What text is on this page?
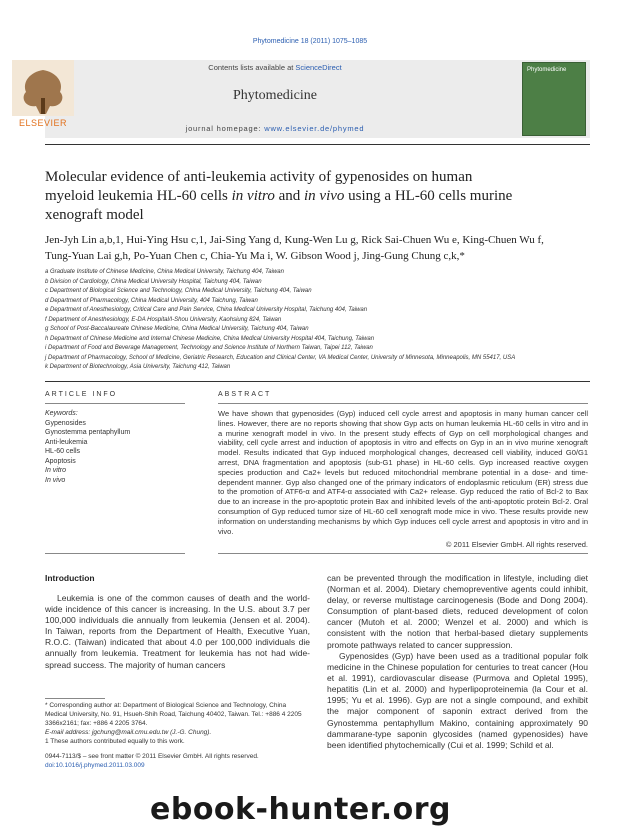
Phytomedicine 18 (2011) 1075–1085
ELSEVIER
Contents lists available at ScienceDirect
Phytomedicine
journal homepage: www.elsevier.de/phymed
Phytomedicine
Molecular evidence of anti-leukemia activity of gypenosides on human
myeloid leukemia HL-60 cells in vitro and in vivo using a HL-60 cells murine
xenograft model
Jen-Jyh Lin a,b,1, Hui-Ying Hsu c,1, Jai-Sing Yang d, Kung-Wen Lu g, Rick Sai-Chuen Wu e, King-Chuen Wu f,
Tung-Yuan Lai g,h, Po-Yuan Chen c, Chia-Yu Ma i, W. Gibson Wood j, Jing-Gung Chung c,k,*
a Graduate Institute of Chinese Medicine, China Medical University, Taichung 404, Taiwan
b Division of Cardiology, China Medical University Hospital, Taichung 404, Taiwan
c Department of Biological Science and Technology, China Medical University, Taichung 404, Taiwan
d Department of Pharmacology, China Medical University, 404 Taichung, Taiwan
e Department of Anesthesiology, Critical Care and Pain Service, China Medical University Hospital, Taichung 404, Taiwan
f Department of Anesthesiology, E-DA Hospital/I-Shou University, Kaohsiung 824, Taiwan
g School of Post-Baccalaureate Chinese Medicine, China Medical University, Taichung 404, Taiwan
h Department of Chinese Medicine and Internal Chinese Medicine, China Medical University Hospital 404, Taichung, Taiwan
i Department of Food and Beverage Management, Technology and Science Institute of Northern Taiwan, Taipei 112, Taiwan
j Department of Pharmacology, School of Medicine, Geriatric Research, Education and Clinical Center, VA Medical Center, University of Minnesota, Minneapolis, MN 55417, USA
k Department of Biotechnology, Asia University, Taichung 412, Taiwan
ARTICLE INFO
Keywords:
Gypenosides
Gynostemma pentaphyllum
Anti-leukemia
HL-60 cells
Apoptosis
In vitro
In vivo
ABSTRACT
We have shown that gypenosides (Gyp) induced cell cycle arrest and apoptosis in many human cancer cell lines. However, there are no reports showing that show Gyp acts on human leukemia HL-60 cells in vitro and in a murine xenograft model in vivo. In the present study effects of Gyp on cell morphological changes and viability, cell cycle arrest and induction of apoptosis in vitro and effects on Gyp in an in vivo murine xenograft model. Results indicated that Gyp induced morphological changes, decreased cell viability, induced G0/G1 arrest, DNA fragmentation and apoptosis (sub-G1 phase) in HL-60 cells. Gyp increased reactive oxygen species production and Ca2+ levels but reduced mitochondrial membrane potential in a dose- and time-dependent manner. Gyp also changed one of the primary indicators of endoplasmic reticulum (ER) stress due to the promotion of ATF6-α and ATF4-α associated with Ca2+ release. Gyp reduced the ratio of Bcl-2 to Bax due to an increase in the pro-apoptotic protein Bax and inhibited levels of the anti-apoptotic protein Bcl-2. Oral consumption of Gyp reduced tumor size of HL-60 cell xenograft mode mice in vivo. These results provide new information on understanding mechanisms by which Gyp induces cell cycle arrest and apoptosis in vitro and in vivo.
© 2011 Elsevier GmbH. All rights reserved.
Introduction
Leukemia is one of the common causes of death and the world-wide incidence of this cancer is increasing. In the U.S. about 3.7 per 100,000 individuals die annually from leukemia (Jensen et al. 2004). In Taiwan, reports from the Department of Health, Executive Yuan, R.O.C. (Taiwan) indicated that about 4.0 per 100,000 individuals die annually from leukemia. Treatment for leukemia has not had wide-spread success. The majority of human cancers
can be prevented through the modification in lifestyle, including diet (Norman et al. 2004). Dietary chemopreventive agents could inhibit, delay, or reverse multistage carcinogenesis (Bode and Dong 2004). Consumption of plant-based diets, reduced development of colon cancer (Mutoh et al. 2000; Wenzel et al. 2000) and which is consistent with the notion that herbal-based dietary supplements promote pathways related to cancer suppression.
Gypenosides (Gyp) have been used as a traditional popular folk medicine in the Chinese population for centuries to treat cancer (Hou et al. 1991), cardiovascular disease (Purmova and Opletal 1995), hepatitis (Lin et al. 2000) and hyperlipoproteinemia (la Cour et al. 1995; Yu et al. 1996). Gyp are not a single compound, and exhibit the major component of saponin extract derived from the Gynostemma pentaphyllum Makino, containing approximately 90 dammarane-type saponin glycosides (named gypenosides) have been identified phytochemically (Cui et al. 1999; Schild et al.
* Corresponding author at: Department of Biological Science and Technology, China Medical University, No. 91, Hsueh-Shih Road, Taichung 40402, Taiwan. Tel.: +886 4 2205 3366x2161; fax: +886 4 2205 3764.
E-mail address: jgchung@mail.cmu.edu.tw (J.-G. Chung).
1 These authors contributed equally to this work.
0944-7113/$ – see front matter © 2011 Elsevier GmbH. All rights reserved.
doi:10.1016/j.phymed.2011.03.009
ebook-hunter.org
